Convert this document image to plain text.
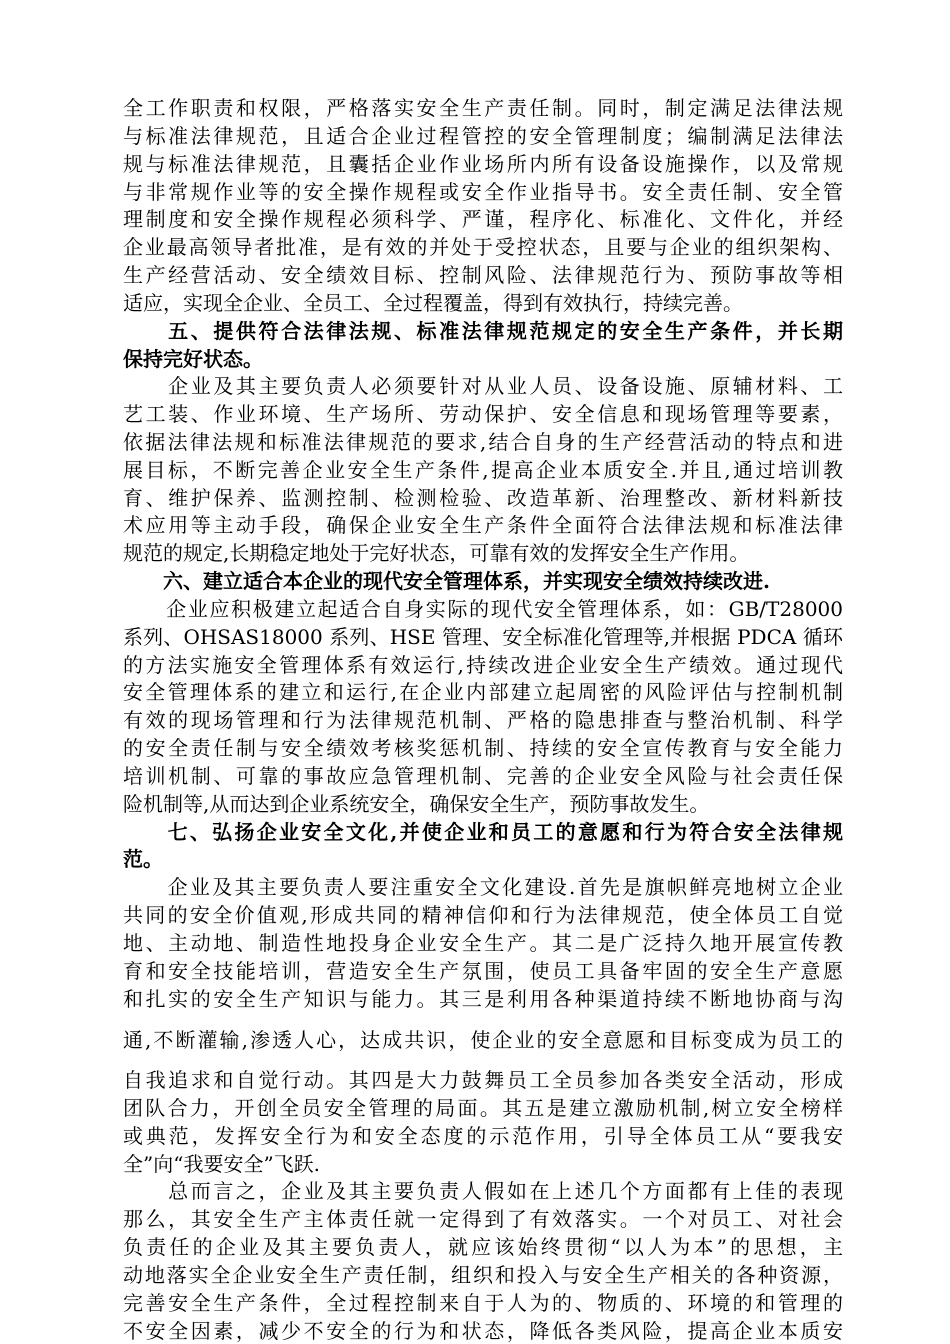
全工作职责和权限，严格落实安全生产责任制。同时，制定满足法律法规
与标准法律规范，且适合企业过程管控的安全管理制度；编制满足法律法
规与标准法律规范，且囊括企业作业场所内所有设备设施操作，以及常规
与非常规作业等的安全操作规程或安全作业指导书。安全责任制、安全管
理制度和安全操作规程必须科学、严谨，程序化、标准化、文件化，并经
企业最高领导者批准，是有效的并处于受控状态，且要与企业的组织架构、
生产经营活动、安全绩效目标、控制风险、法律规范行为、预防事故等相
适应，实现全企业、全员工、全过程覆盖，得到有效执行，持续完善。
　　五、提供符合法律法规、标准法律规范规定的安全生产条件，并长期
保持完好状态。
　　企业及其主要负责人必须要针对从业人员、设备设施、原辅材料、工
艺工装、作业环境、生产场所、劳动保护、安全信息和现场管理等要素，
依据法律法规和标准法律规范的要求,结合自身的生产经营活动的特点和进
展目标，不断完善企业安全生产条件,提高企业本质安全.并且,通过培训教
育、维护保养、监测控制、检测检验、改造革新、治理整改、新材料新技
术应用等主动手段，确保企业安全生产条件全面符合法律法规和标准法律
规范的规定,长期稳定地处于完好状态，可靠有效的发挥安全生产作用。
　　六、建立适合本企业的现代安全管理体系，并实现安全绩效持续改进.
　　企业应积极建立起适合自身实际的现代安全管理体系，如：GB/T28000
系列、OHSAS18000 系列、HSE 管理、安全标准化管理等,并根据 PDCA 循环
的方法实施安全管理体系有效运行,持续改进企业安全生产绩效。通过现代
安全管理体系的建立和运行,在企业内部建立起周密的风险评估与控制机制
有效的现场管理和行为法律规范机制、严格的隐患排查与整治机制、科学
的安全责任制与安全绩效考核奖惩机制、持续的安全宣传教育与安全能力
培训机制、可靠的事故应急管理机制、完善的企业安全风险与社会责任保
险机制等,从而达到企业系统安全，确保安全生产，预防事故发生。
　　七、弘扬企业安全文化,并使企业和员工的意愿和行为符合安全法律规
范。
　　企业及其主要负责人要注重安全文化建设.首先是旗帜鲜亮地树立企业
共同的安全价值观,形成共同的精神信仰和行为法律规范，使全体员工自觉
地、主动地、制造性地投身企业安全生产。其二是广泛持久地开展宣传教
育和安全技能培训，营造安全生产氛围，使员工具备牢固的安全生产意愿
和扎实的安全生产知识与能力。其三是利用各种渠道持续不断地协商与沟
通,不断灌输,渗透人心，达成共识，使企业的安全意愿和目标变成为员工的
自我追求和自觉行动。其四是大力鼓舞员工全员参加各类安全活动，形成
团队合力，开创全员安全管理的局面。其五是建立激励机制,树立安全榜样
或典范，发挥安全行为和安全态度的示范作用，引导全体员工从“要我安
全”向“我要安全”飞跃.
　　总而言之，企业及其主要负责人假如在上述几个方面都有上佳的表现
那么，其安全生产主体责任就一定得到了有效落实。一个对员工、对社会
负责任的企业及其主要负责人，就应该始终贯彻“以人为本”的思想，主
动地落实全企业安全生产责任制，组织和投入与安全生产相关的各种资源，
完善安全生产条件，全过程控制来自于人为的、物质的、环境的和管理的
不安全因素，减少不安全的行为和状态，降低各类风险，提高企业本质安
